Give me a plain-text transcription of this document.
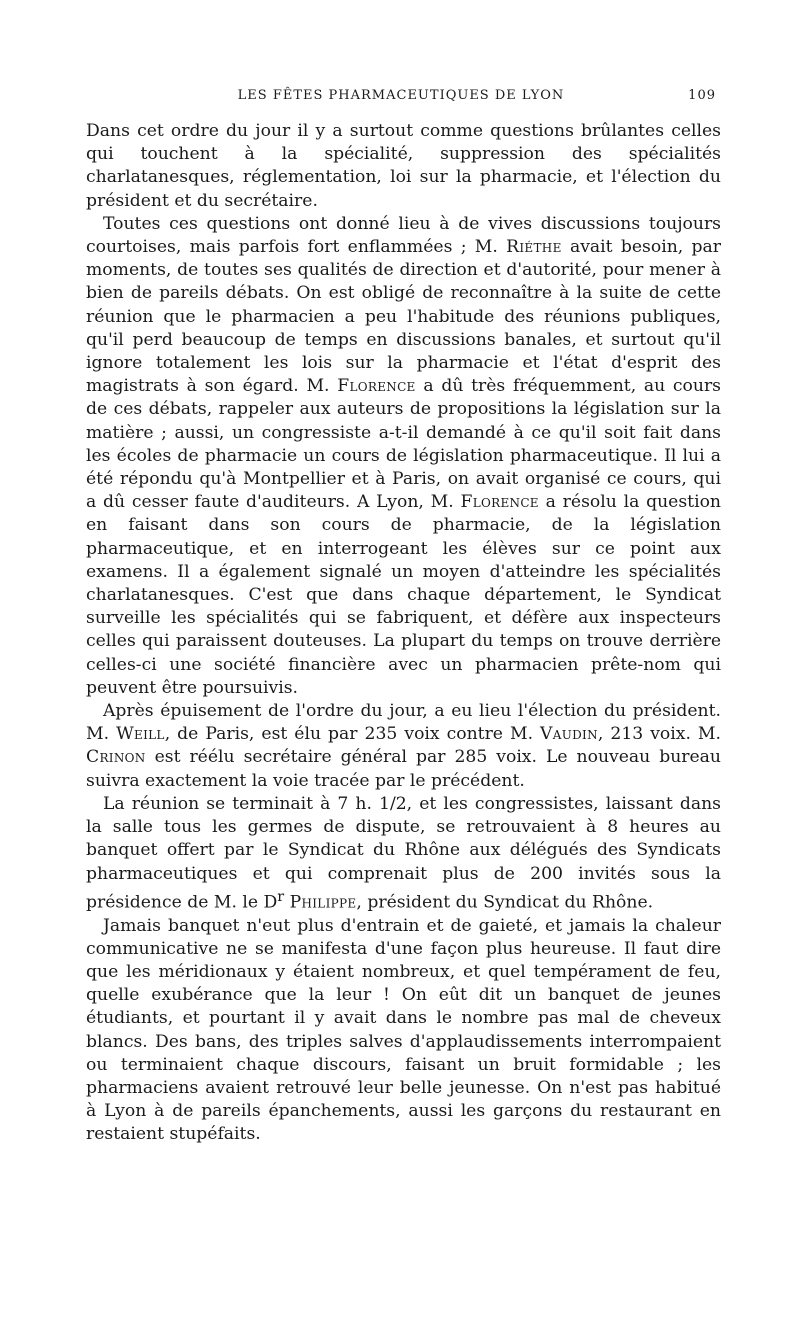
LES FÊTES PHARMACEUTIQUES DE LYON	109

Dans cet ordre du jour il y a surtout comme questions brûlantes celles qui touchent à la spécialité, suppression des spécialités charlatanesques, réglementation, loi sur la pharmacie, et l'élection du président et du secrétaire.

Toutes ces questions ont donné lieu à de vives discussions toujours courtoises, mais parfois fort enflammées ; M. Riéthe avait besoin, par moments, de toutes ses qualités de direction et d'autorité, pour mener à bien de pareils débats. On est obligé de reconnaître à la suite de cette réunion que le pharmacien a peu l'habitude des réunions publiques, qu'il perd beaucoup de temps en discussions banales, et surtout qu'il ignore totalement les lois sur la pharmacie et l'état d'esprit des magistrats à son égard. M. Florence a dû très fréquemment, au cours de ces débats, rappeler aux auteurs de propositions la législation sur la matière ; aussi, un congressiste a-t-il demandé à ce qu'il soit fait dans les écoles de pharmacie un cours de législation pharmaceutique. Il lui a été répondu qu'à Montpellier et à Paris, on avait organisé ce cours, qui a dû cesser faute d'auditeurs. A Lyon, M. Florence a résolu la question en faisant dans son cours de pharmacie, de la législation pharmaceutique, et en interrogeant les élèves sur ce point aux examens. Il a également signalé un moyen d'atteindre les spécialités charlatanesques. C'est que dans chaque département, le Syndicat surveille les spécialités qui se fabriquent, et défère aux inspecteurs celles qui paraissent douteuses. La plupart du temps on trouve derrière celles-ci une société financière avec un pharmacien prête-nom qui peuvent être poursuivis.

Après épuisement de l'ordre du jour, a eu lieu l'élection du président. M. Weill, de Paris, est élu par 235 voix contre M. Vaudin, 213 voix. M. Crinon est réélu secrétaire général par 285 voix. Le nouveau bureau suivra exactement la voie tracée par le précédent.

La réunion se terminait à 7 h. 1/2, et les congressistes, laissant dans la salle tous les germes de dispute, se retrouvaient à 8 heures au banquet offert par le Syndicat du Rhône aux délégués des Syndicats pharmaceutiques et qui comprenait plus de 200 invités sous la présidence de M. le $D^r$ Philippe, président du Syndicat du Rhône.

Jamais banquet n'eut plus d'entrain et de gaieté, et jamais la chaleur communicative ne se manifesta d'une façon plus heureuse. Il faut dire que les méridionaux y étaient nombreux, et quel tempérament de feu, quelle exubérance que la leur ! On eût dit un banquet de jeunes étudiants, et pourtant il y avait dans le nombre pas mal de cheveux blancs. Des bans, des triples salves d'applaudissements interrompaient ou terminaient chaque discours, faisant un bruit formidable ; les pharmaciens avaient retrouvé leur belle jeunesse. On n'est pas habitué à Lyon à de pareils épanchements, aussi les garçons du restaurant en restaient stupéfaits.
